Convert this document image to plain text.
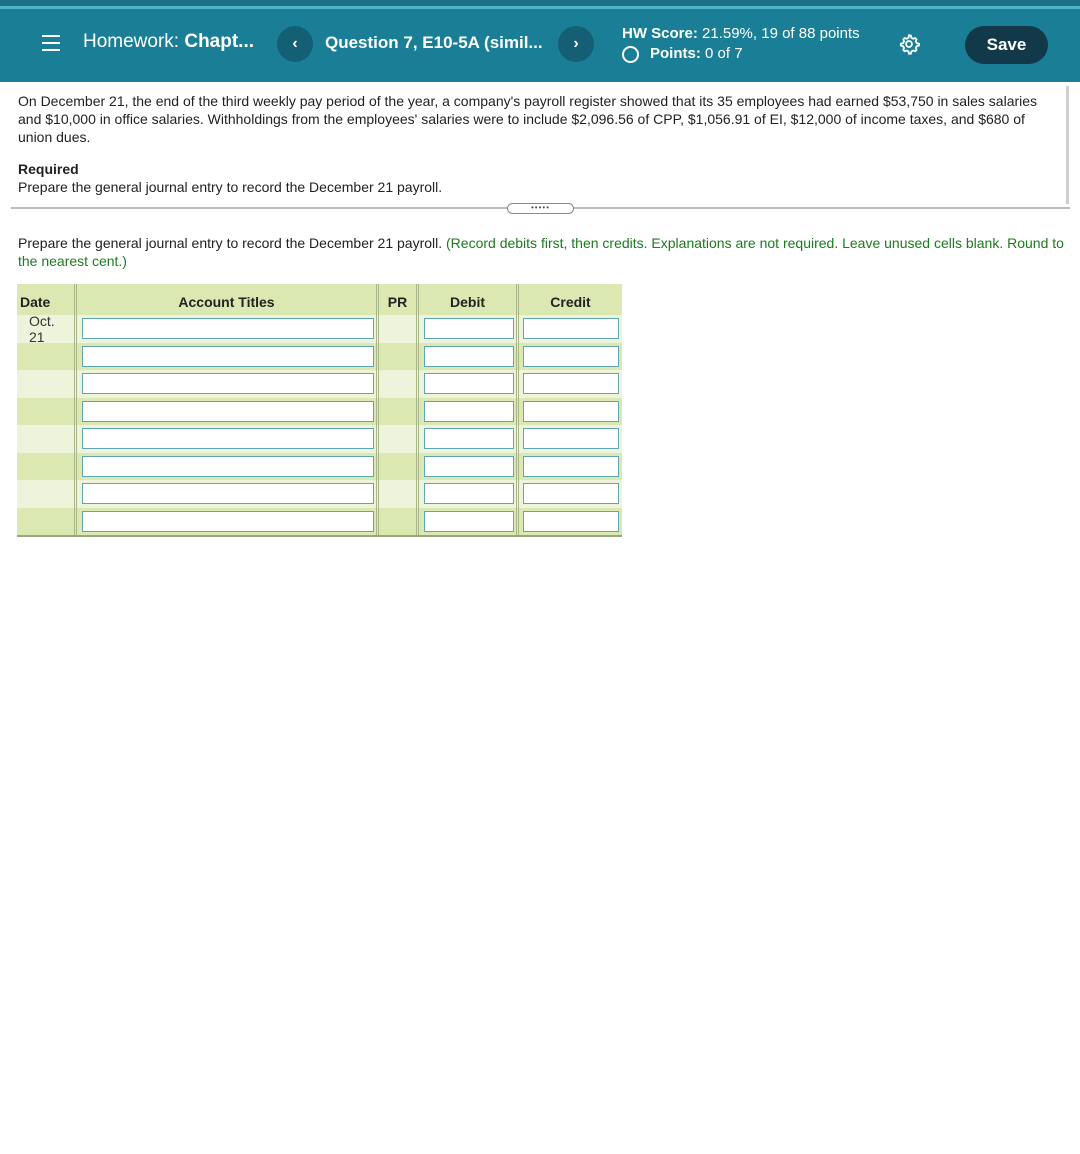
Homework: Chapt...	‹	Question 7, E10-5A (simil...	›
HW Score: 21.59%, 19 of 88 points
Points:
0 of 7	Save

On December 21, the end of the third weekly pay period of the year, a company's payroll register showed that its 35 employees had earned $53,750 in sales salaries and $10,000 in office salaries. Withholdings from the employees' salaries were to include $2,096.56 of CPP, $1,056.91 of EI, $12,000 of income taxes, and $680 of union dues.

Required

Prepare the general journal entry to record the December 21 payroll.

•••••
Prepare the general journal entry to record the December 21 payroll. (Record debits first, then credits. Explanations are not required. Leave unused cells blank. Round to the nearest cent.)
Date	Account Titles	PR	Debit	Credit
Oct. 21
